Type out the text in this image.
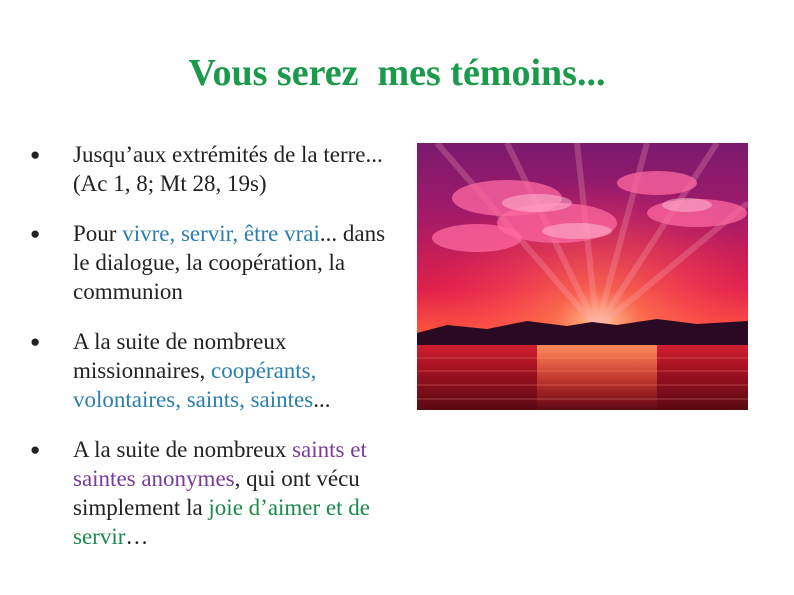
Vous serez  mes témoins...
● Jusqu’aux extrémités de la terre... (Ac 1, 8; Mt 28, 19s)
● Pour vivre, servir, être vrai... dans le dialogue, la coopération, la communion
● A la suite de nombreux missionnaires, coopérants, volontaires, saints, saintes...
● A la suite de nombreux saints et saintes anonymes, qui ont vécu simplement la joie d’aimer et de servir…
